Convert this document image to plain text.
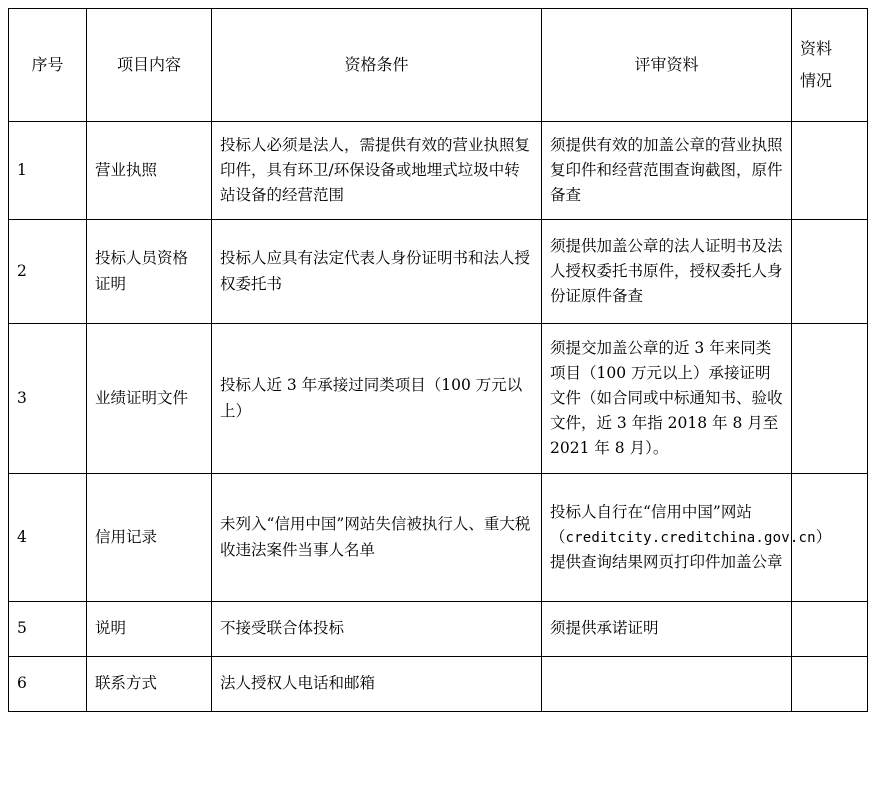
序号	项目内容	资格条件	评审资料	资料
情况

1	营业执照	投标人必须是法人，需提供有效的营业执照复印件，具有环卫/环保设备或地埋式垃圾中转站设备的经营范围	须提供有效的加盖公章的营业执照复印件和经营范围查询截图，原件备查	
2	投标人员资格证明	投标人应具有法定代表人身份证明书和法人授权委托书	须提供加盖公章的法人证明书及法人授权委托书原件，授权委托人身份证原件备查	
3	业绩证明文件	投标人近 3 年承接过同类项目（100 万元以上）	须提交加盖公章的近 3 年来同类项目（100 万元以上）承接证明文件（如合同或中标通知书、验收文件，近 3 年指 2018 年 8 月至 2021 年 8 月）。	
4	信用记录	未列入“信用中国”网站失信被执行人、重大税收违法案件当事人名单	投标人自行在“信用中国”网站（creditcity.creditchina.gov.cn）提供查询结果网页打印件加盖公章	
5	说明	不接受联合体投标	须提供承诺证明	
6	联系方式	法人授权人电话和邮箱		
